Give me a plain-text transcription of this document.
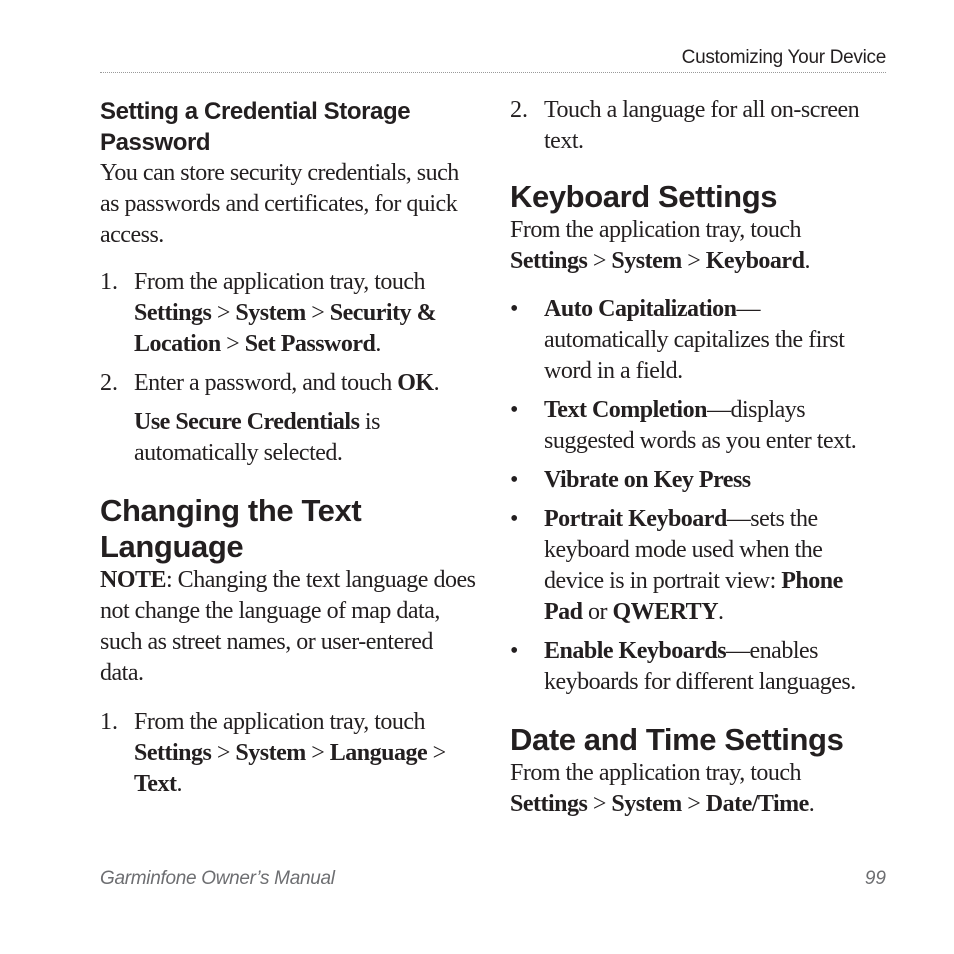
Customizing Your Device
Setting a Credential Storage Password

You can store security credentials, such as passwords and certificates, for quick access.

1. From the application tray, touch Settings > System > Security & Location > Set Password.

2. Enter a password, and touch OK.

Use Secure Credentials is automatically selected.

Changing the Text Language

NOTE: Changing the text language does not change the language of map data, such as street names, or user-entered data.

1. From the application tray, touch Settings > System > Language > Text.

2. Touch a language for all on-screen text.

Keyboard Settings

From the application tray, touch Settings > System > Keyboard.

•	Auto Capitalization—automatically capitalizes the first word in a field.

•	Text Completion—displays suggested words as you enter text.

•	Vibrate on Key Press

•	Portrait Keyboard—sets the keyboard mode used when the device is in portrait view: Phone Pad or QWERTY.

•	Enable Keyboards—enables keyboards for different languages.

Date and Time Settings

From the application tray, touch Settings > System > Date/Time.

Garminfone Owner’s Manual	99
